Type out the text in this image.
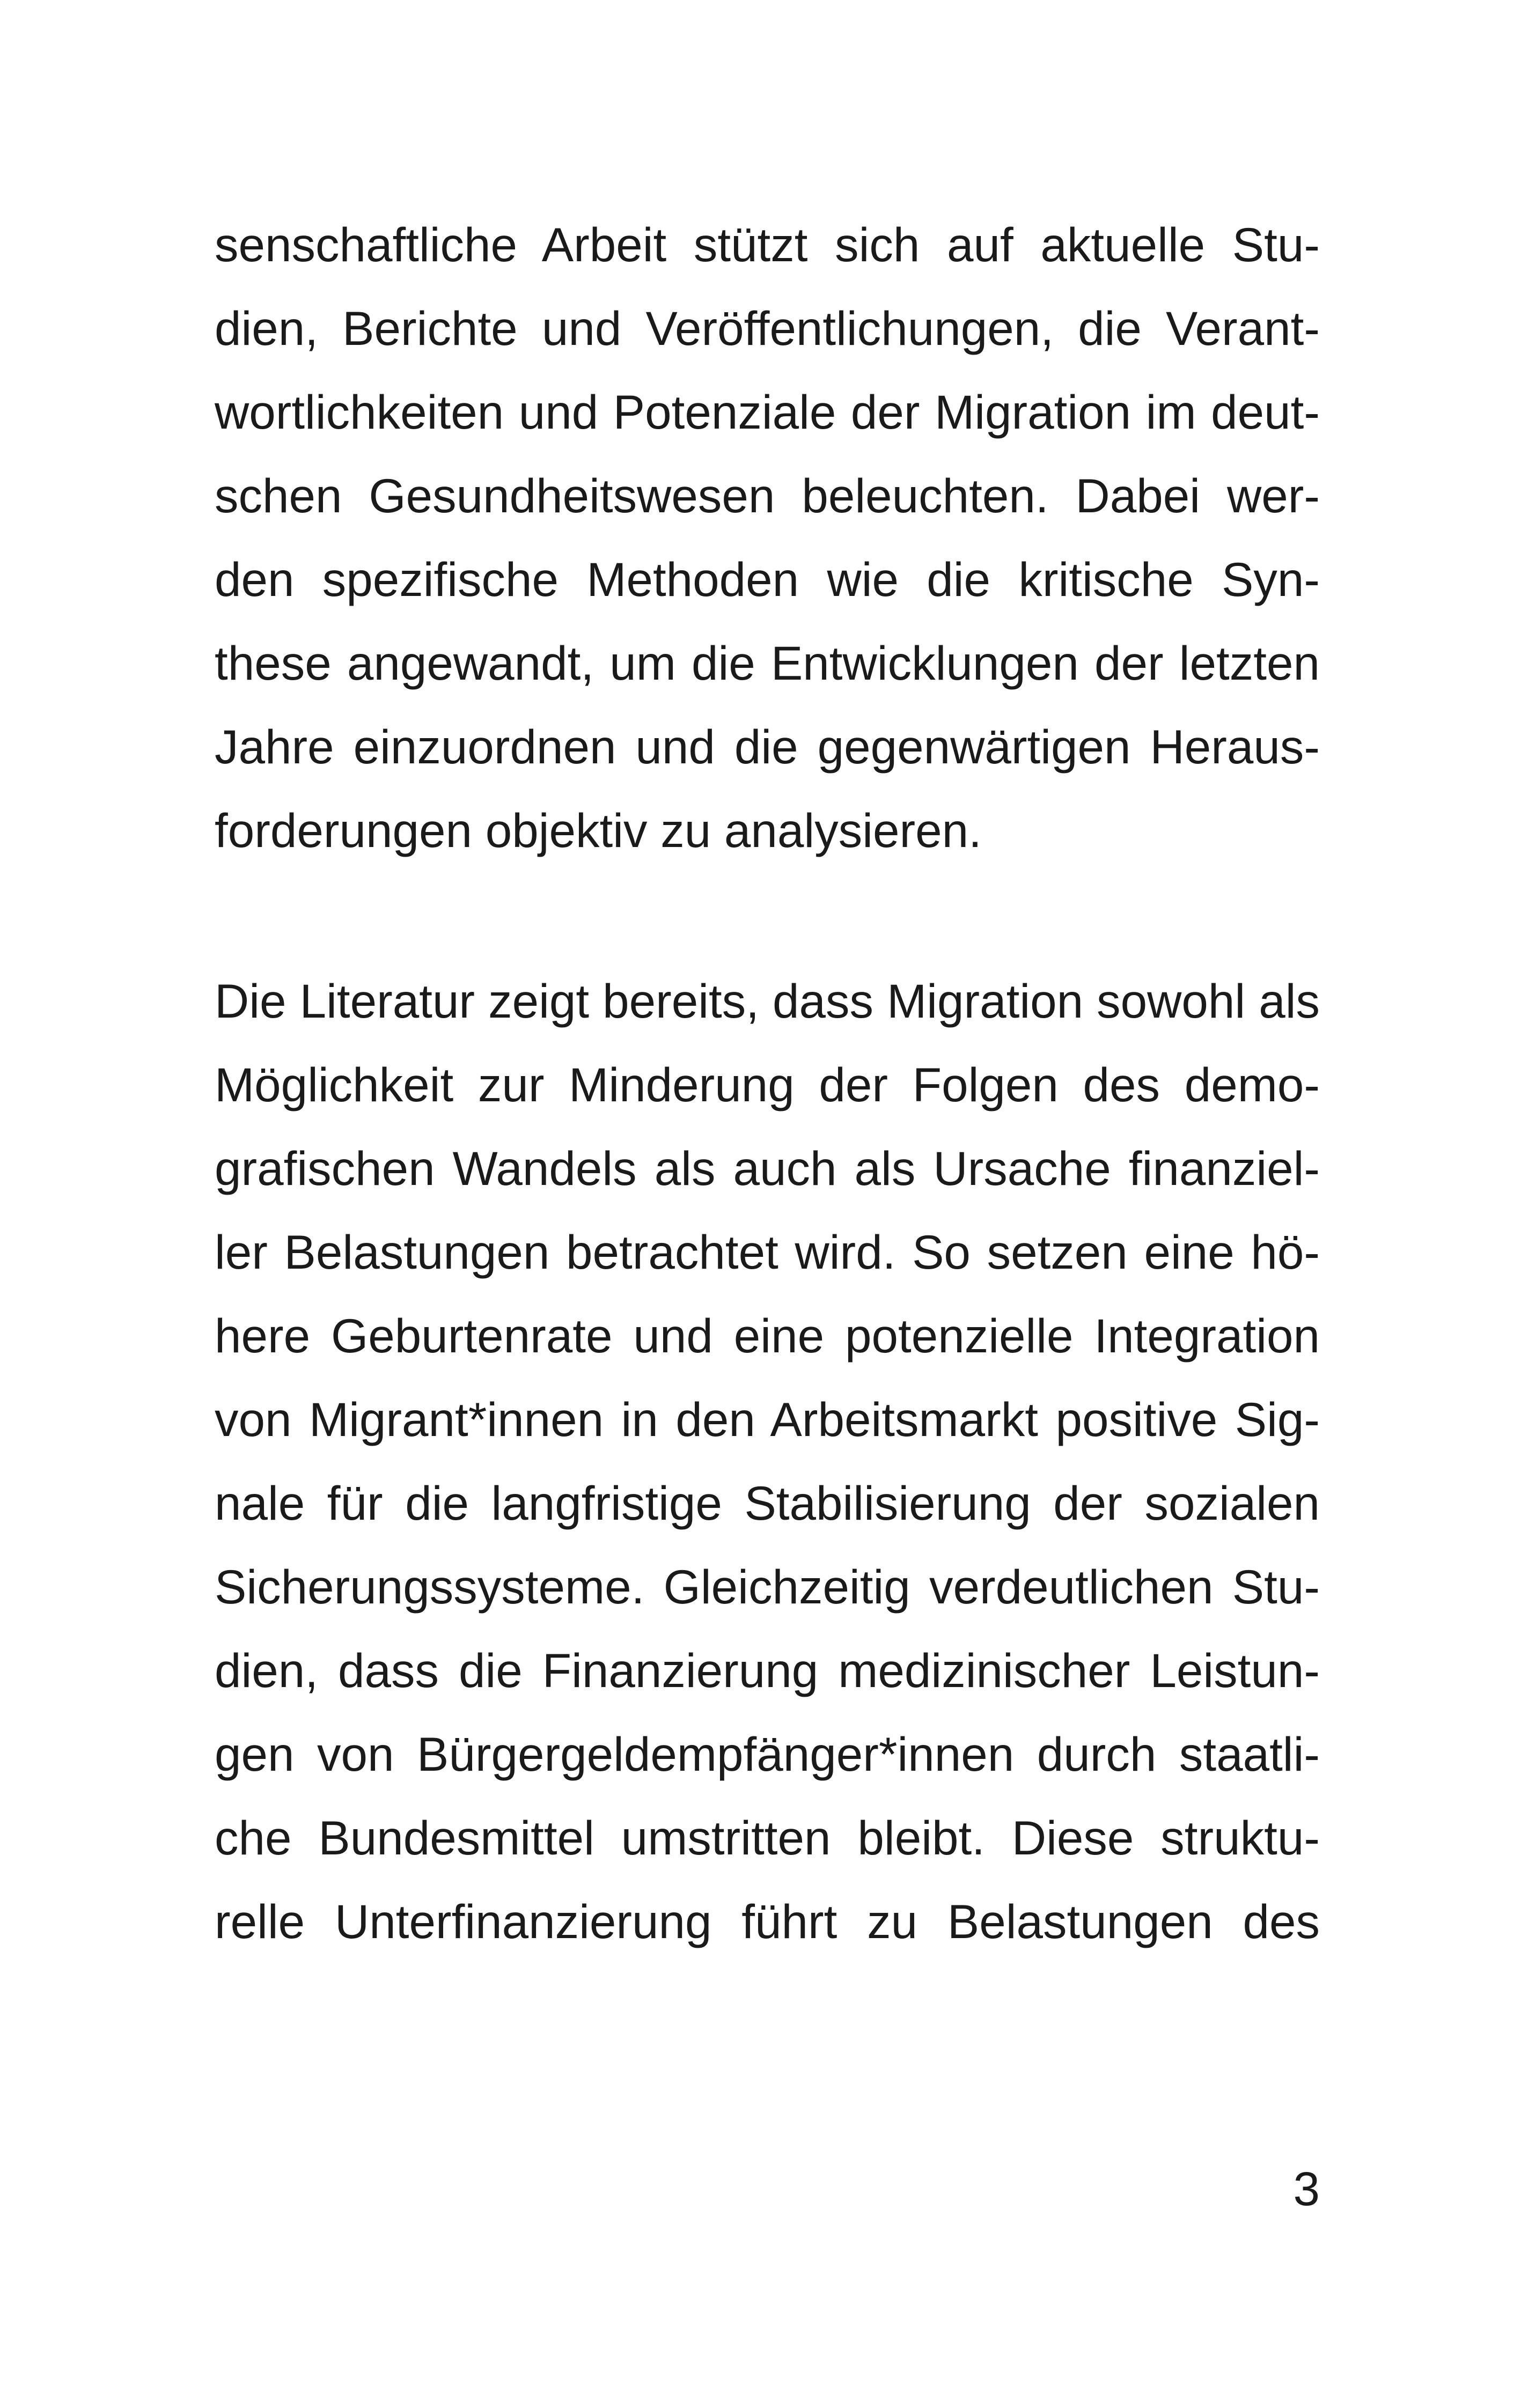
senschaftliche Arbeit stützt sich auf aktuelle Stu-
dien, Berichte und Veröffentlichungen, die Verant-
wortlichkeiten und Potenziale der Migration im deut-
schen Gesundheitswesen beleuchten. Dabei wer-
den spezifische Methoden wie die kritische Syn-
these angewandt, um die Entwicklungen der letzten
Jahre einzuordnen und die gegenwärtigen Heraus-
forderungen objektiv zu analysieren.
Die Literatur zeigt bereits, dass Migration sowohl als
Möglichkeit zur Minderung der Folgen des demo-
grafischen Wandels als auch als Ursache finanziel-
ler Belastungen betrachtet wird. So setzen eine hö-
here Geburtenrate und eine potenzielle Integration
von Migrant*innen in den Arbeitsmarkt positive Sig-
nale für die langfristige Stabilisierung der sozialen
Sicherungssysteme. Gleichzeitig verdeutlichen Stu-
dien, dass die Finanzierung medizinischer Leistun-
gen von Bürgergeldempfänger*innen durch staatli-
che Bundesmittel umstritten bleibt. Diese struktu-
relle Unterfinanzierung führt zu Belastungen des
3
